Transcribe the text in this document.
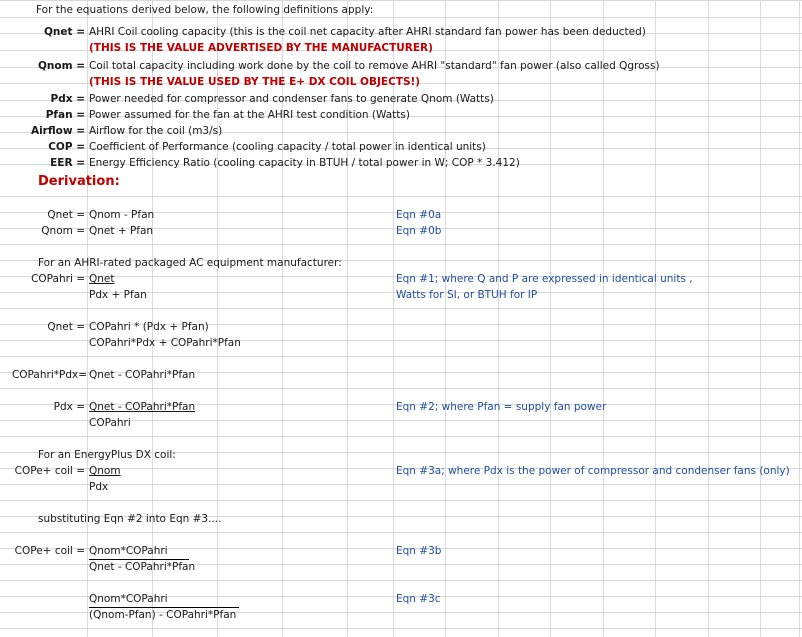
For the equations derived below, the following definitions apply:
Qnet = AHRI Coil cooling capacity (this is the coil net capacity after AHRI standard fan power has been deducted)
(THIS IS THE VALUE ADVERTISED BY THE MANUFACTURER)
Qnom = Coil total capacity including work done by the coil to remove AHRI "standard" fan power (also called Qgross)
(THIS IS THE VALUE USED BY THE E+ DX COIL OBJECTS!)
Pdx = Power needed for compressor and condenser fans to generate Qnom (Watts)
Pfan = Power assumed for the fan at the AHRI test condition (Watts)
Airflow = Airflow for the coil (m3/s)
COP = Coefficient of Performance (cooling capacity / total power in identical units)
EER = Energy Efficiency Ratio (cooling capacity in BTUH / total power in W; COP * 3.412)
Derivation:
Qnet = Qnom - Pfan	Eqn #0a
Qnom = Qnet + Pfan	Eqn #0b
For an AHRI-rated packaged AC equipment manufacturer:
COPahri = Qnet	Eqn #1; where Q and P are expressed in identical units ,
Pdx + Pfan	Watts for SI, or BTUH for IP
Qnet = COPahri * (Pdx + Pfan)
COPahri*Pdx + COPahri*Pfan
COPahri*Pdx= Qnet - COPahri*Pfan
Pdx = Qnet - COPahri*Pfan	Eqn #2; where Pfan = supply fan power
COPahri
For an EnergyPlus DX coil:
COPe+ coil = Qnom	Eqn #3a; where Pdx is the power of compressor and condenser fans (only)
Pdx
substituting Eqn #2 into Eqn #3....
COPe+ coil = Qnom*COPahri	Eqn #3b
Qnet - COPahri*Pfan
Qnom*COPahri	Eqn #3c
(Qnom-Pfan) - COPahri*Pfan
